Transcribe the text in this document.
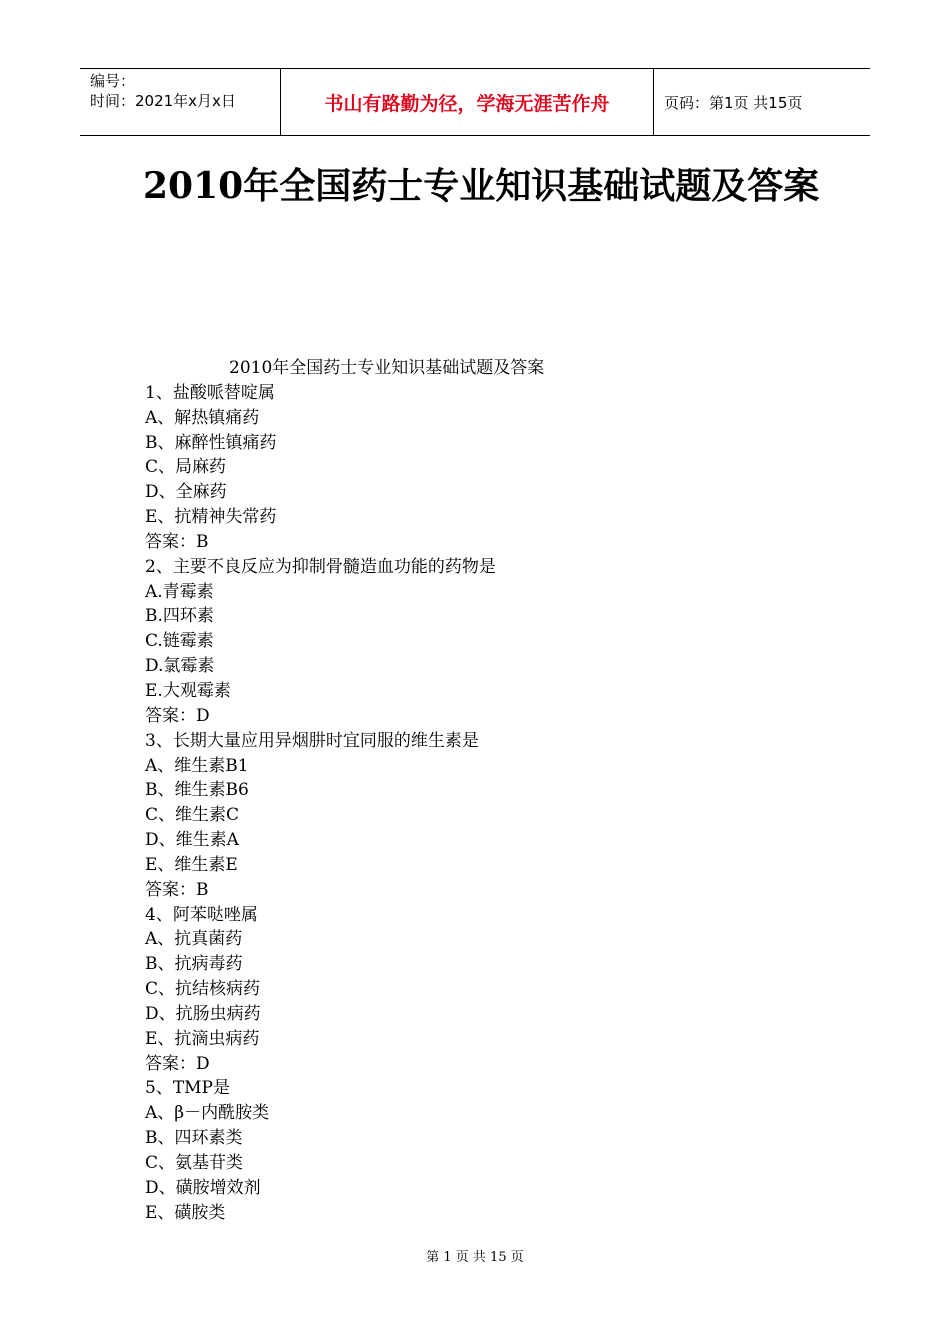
编号：
时间：2021年x月x日	书山有路勤为径，学海无涯苦作舟	页码：第1页 共15页
2010年全国药士专业知识基础试题及答案
2010年全国药士专业知识基础试题及答案
1、盐酸哌替啶属
A、解热镇痛药
B、麻醉性镇痛药
C、局麻药
D、全麻药
E、抗精神失常药
答案：B
2、主要不良反应为抑制骨髓造血功能的药物是
A.青霉素
B.四环素
C.链霉素
D.氯霉素
E.大观霉素
答案：D
3、长期大量应用异烟肼时宜同服的维生素是
A、维生素B1
B、维生素B6
C、维生素C
D、维生素A
E、维生素E
答案：B
4、阿苯哒唑属
A、抗真菌药
B、抗病毒药
C、抗结核病药
D、抗肠虫病药
E、抗滴虫病药
答案：D
5、TMP是
A、β－内酰胺类
B、四环素类
C、氨基苷类
D、磺胺增效剂
E、磺胺类
第 1 页 共 15 页
